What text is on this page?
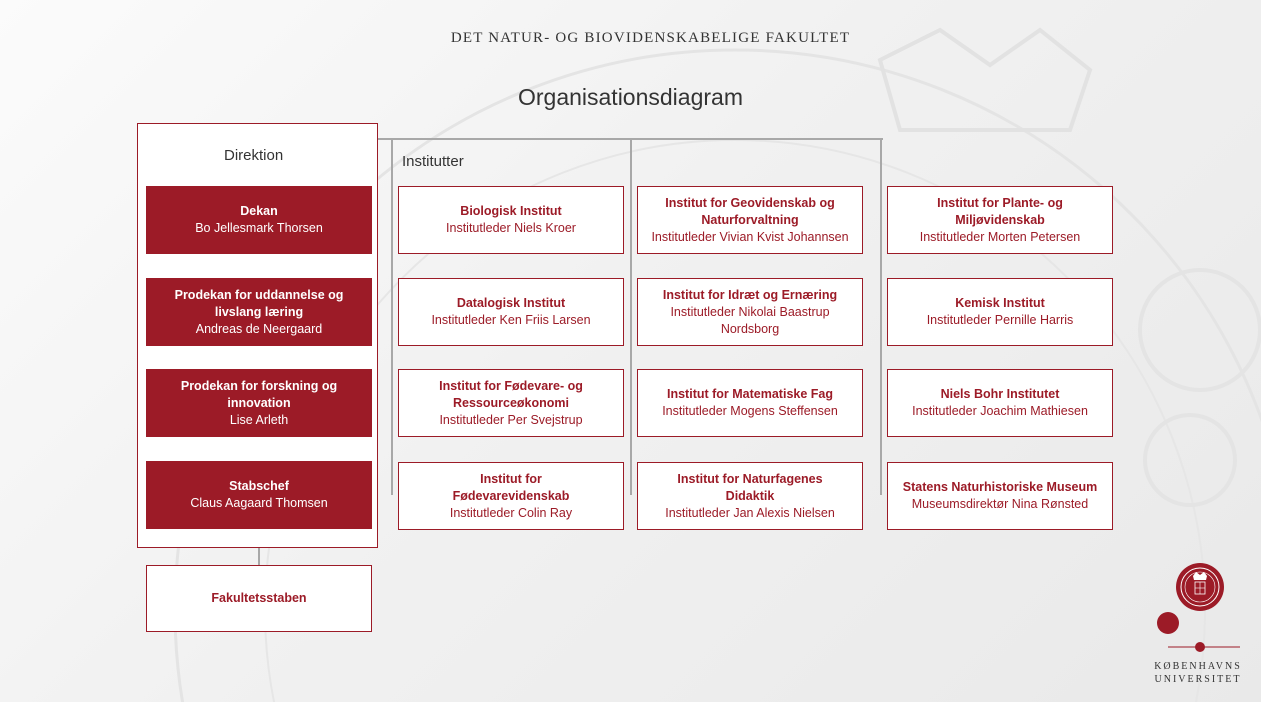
DET NATUR- OG BIOVIDENSKABELIGE FAKULTET
Organisationsdiagram
Direktion
Dekan
Bo Jellesmark Thorsen
Prodekan for uddannelse og livslang læring
Andreas de Neergaard
Prodekan for forskning og innovation
Lise Arleth
Stabschef
Claus Aagaard Thomsen
Fakultetsstaben
Institutter
Biologisk Institut
Institutleder Niels Kroer
Datalogisk Institut
Institutleder Ken Friis Larsen
Institut for Fødevare- og Ressourceøkonomi
Institutleder Per Svejstrup
Institut for Fødevarevidenskab
Institutleder Colin Ray
Institut for Geovidenskab og Naturforvaltning
Institutleder Vivian Kvist Johannsen
Institut for Idræt og Ernæring
Institutleder Nikolai Baastrup Nordsborg
Institut for Matematiske Fag
Institutleder Mogens Steffensen
Institut for Naturfagenes Didaktik
Institutleder Jan Alexis Nielsen
Institut for Plante- og Miljøvidenskab
Institutleder Morten Petersen
Kemisk Institut
Institutleder Pernille Harris
Niels Bohr Institutet
Institutleder Joachim Mathiesen
Statens Naturhistoriske Museum
Museumsdirektør Nina Rønsted
KØBENHAVNS
UNIVERSITET
